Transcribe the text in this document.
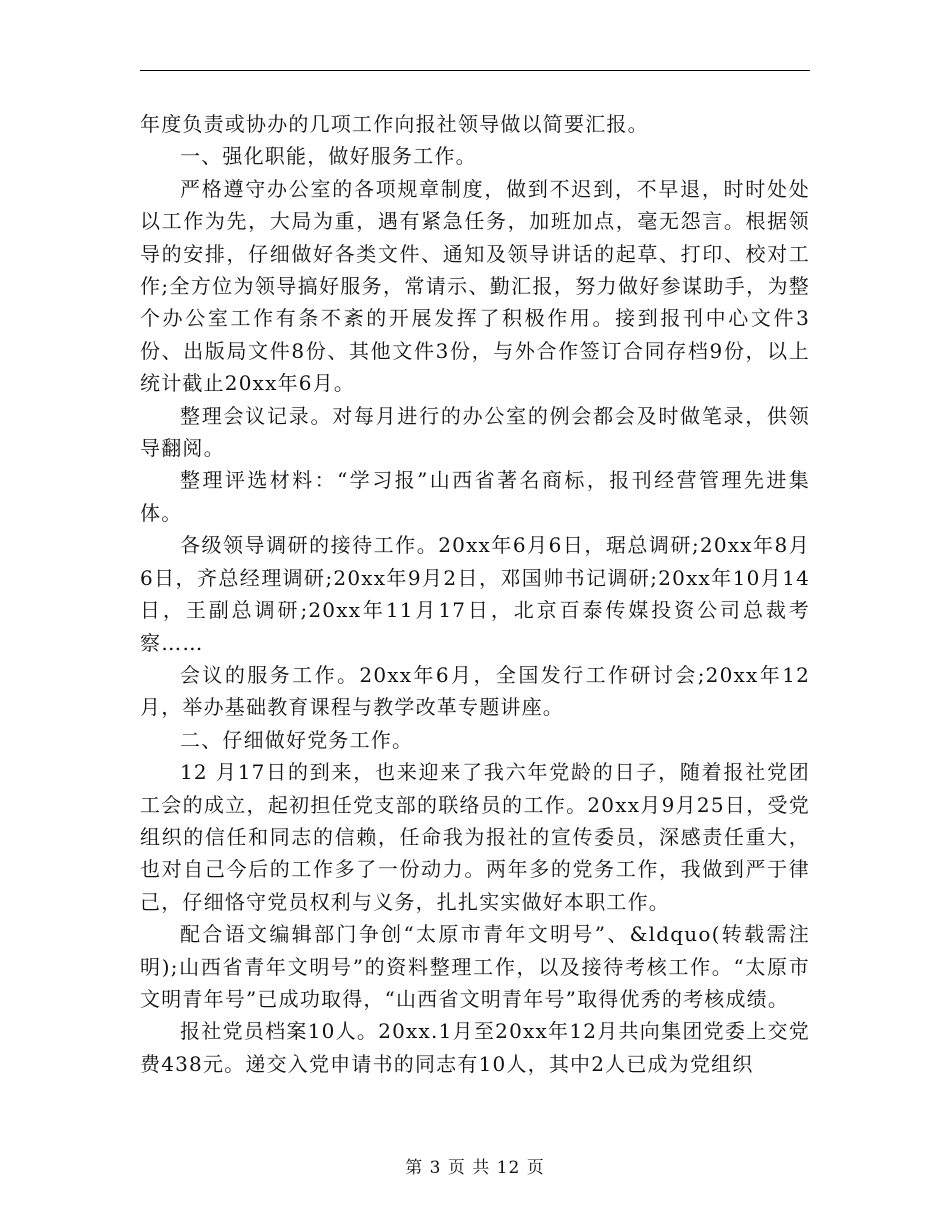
年度负责或协办的几项工作向报社领导做以简要汇报。

一、强化职能，做好服务工作。

严格遵守办公室的各项规章制度，做到不迟到，不早退，时时处处以工作为先，大局为重，遇有紧急任务，加班加点，毫无怨言。根据领导的安排，仔细做好各类文件、通知及领导讲话的起草、打印、校对工作;全方位为领导搞好服务，常请示、勤汇报，努力做好参谋助手，为整个办公室工作有条不紊的开展发挥了积极作用。接到报刊中心文件3份、出版局文件8份、其他文件3份，与外合作签订合同存档9份，以上统计截止20xx年6月。

整理会议记录。对每月进行的办公室的例会都会及时做笔录，供领导翻阅。

整理评选材料：“学习报”山西省著名商标，报刊经营管理先进集体。

各级领导调研的接待工作。20xx年6月6日，琚总调研;20xx年8月6日，齐总经理调研;20xx年9月2日，邓国帅书记调研;20xx年10月14日，王副总调研;20xx年11月17日，北京百泰传媒投资公司总裁考察……

会议的服务工作。20xx年6月，全国发行工作研讨会;20xx年12月，举办基础教育课程与教学改革专题讲座。

二、仔细做好党务工作。

12 月17日的到来，也来迎来了我六年党龄的日子，随着报社党团工会的成立，起初担任党支部的联络员的工作。20xx月9月25日，受党组织的信任和同志的信赖，任命我为报社的宣传委员，深感责任重大，也对自己今后的工作多了一份动力。两年多的党务工作，我做到严于律己，仔细恪守党员权利与义务，扎扎实实做好本职工作。

配合语文编辑部门争创“太原市青年文明号”、&ldquo(转载需注明);山西省青年文明号”的资料整理工作，以及接待考核工作。“太原市文明青年号”已成功取得，“山西省文明青年号”取得优秀的考核成绩。

报社党员档案10人。20xx.1月至20xx年12月共向集团党委上交党费438元。递交入党申请书的同志有10人，其中2人已成为党组织

第 3 页 共 12 页
